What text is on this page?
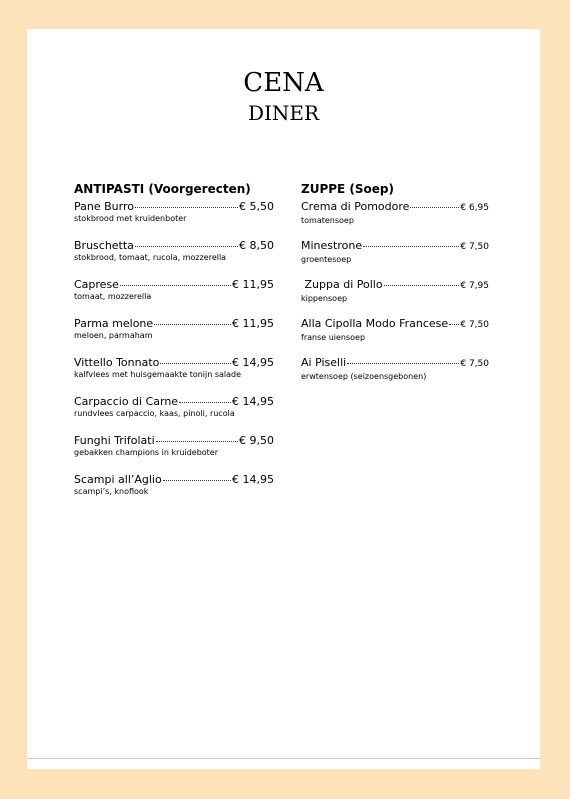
CENA
DINER
ANTIPASTI (Voorgerecten)
Pane Burro	€ 5,50
stokbrood met kruidenboter
Bruschetta	€ 8,50
stokbrood, tomaat, rucola, mozzerella
Caprese	€ 11,95
tomaat, mozzerella
Parma melone	€ 11,95
meloen, parmaham
Vittello Tonnato	€ 14,95
kalfvlees met huisgemaakte tonijn salade
Carpaccio di Carne	€ 14,95
rundvlees carpaccio, kaas, pinoli, rucola
Funghi Trifolati	€ 9,50
gebakken champions in kruideboter
Scampi all’Aglio	€ 14,95
scampi’s, knoflook
ZUPPE (Soep)
Crema di Pomodore	€ 6,95
tomatensoep
Minestrone	€ 7,50
groentesoep
Zuppa di Pollo	€ 7,95
kippensoep
Alla Cipolla Modo Francese € 7,50
franse uiensoep
Ai Piselli	€ 7,50
erwtensoep (seizoensgebonen)
